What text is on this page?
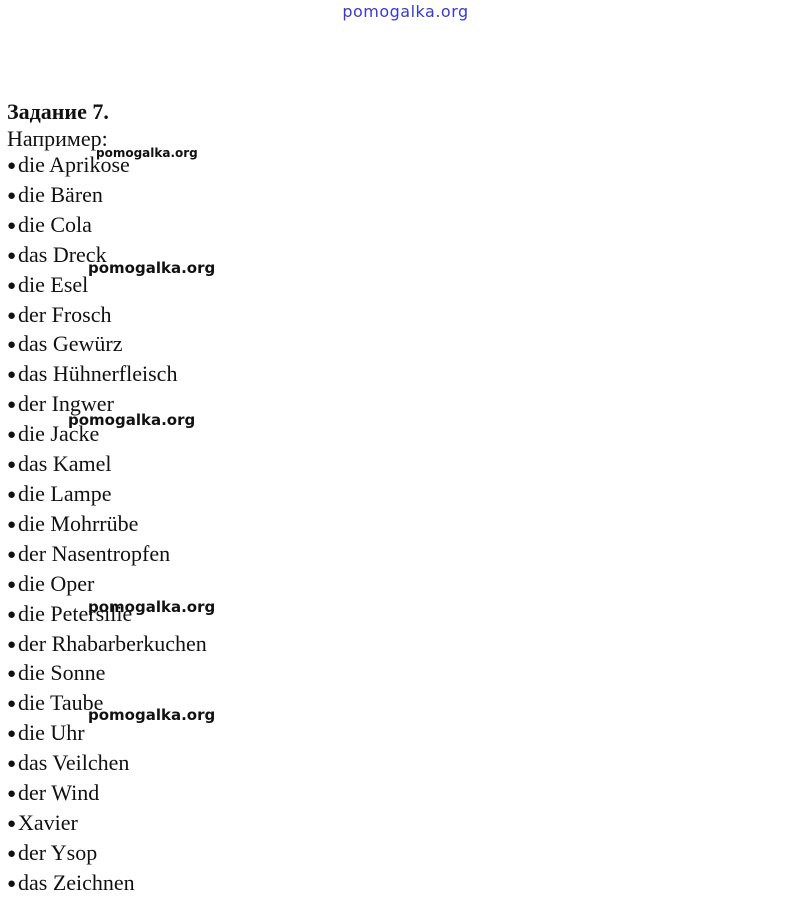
pomogalka.org
Задание 7.
Например:
● die Aprikose
● die Bären
● die Cola
● das Dreck
● die Esel
● der Frosch
● das Gewürz
● das Hühnerfleisch
● der Ingwer
● die Jacke
● das Kamel
● die Lampe
● die Mohrrübe
● der Nasentropfen
● die Oper
● die Petersilie
● der Rhabarberkuchen
● die Sonne
● die Taube
● die Uhr
● das Veilchen
● der Wind
● Xavier
● der Ysop
● das Zeichnen
pomogalka.org
pomogalka.org
pomogalka.org
pomogalka.org
pomogalka.org
